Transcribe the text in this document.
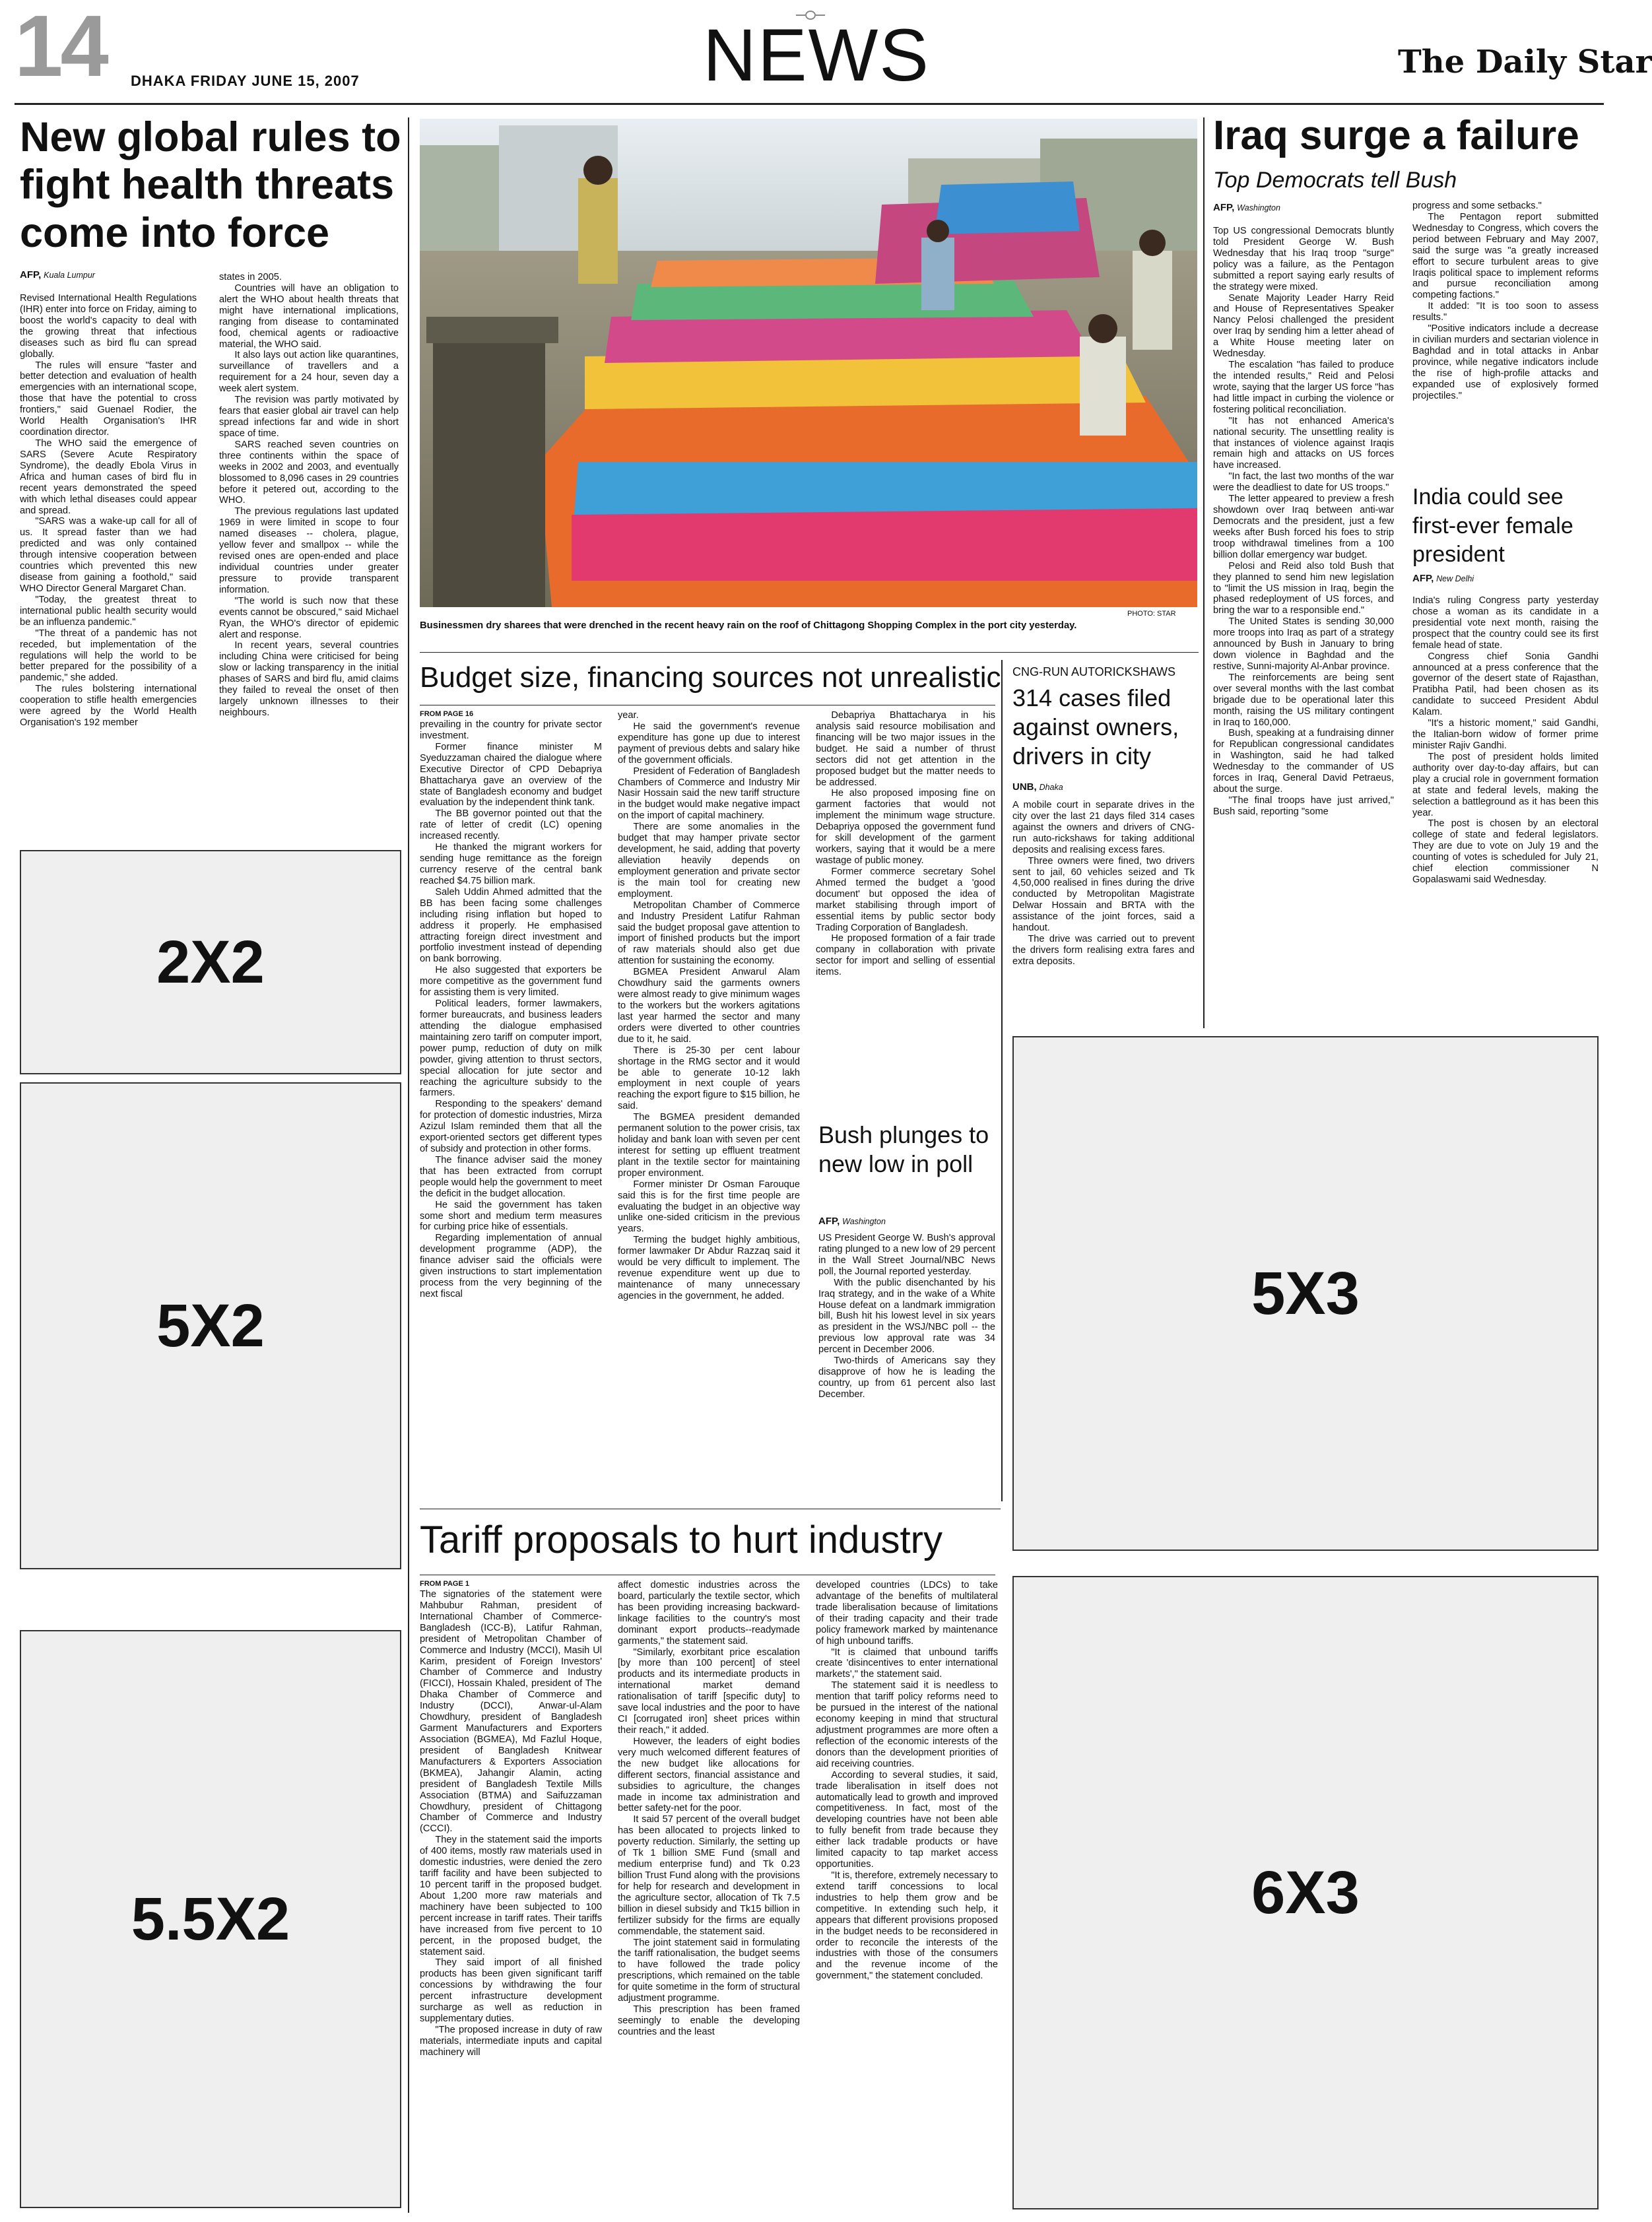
14 DHAKA FRIDAY JUNE 15, 2007	NEWS	The Daily Star
New global rules to fight health threats come into force
AFP, Kuala Lumpur

Revised International Health Regulations (IHR) enter into force on Friday, aiming to boost the world's capacity to deal with the growing threat that infectious diseases such as bird flu can spread globally.

The rules will ensure "faster and better detection and evaluation of health emergencies with an international scope, those that have the potential to cross frontiers," said Guenael Rodier, the World Health Organisation's IHR coordination director.

The WHO said the emergence of SARS (Severe Acute Respiratory Syndrome), the deadly Ebola Virus in Africa and human cases of bird flu in recent years demonstrated the speed with which lethal diseases could appear and spread.

"SARS was a wake-up call for all of us. It spread faster than we had predicted and was only contained through intensive cooperation between countries which prevented this new disease from gaining a foothold," said WHO Director General Margaret Chan.

"Today, the greatest threat to international public health security would be an influenza pandemic."

"The threat of a pandemic has not receded, but implementation of the regulations will help the world to be better prepared for the possibility of a pandemic," she added.

The rules bolstering international cooperation to stifle health emergencies were agreed by the World Health Organisation's 192 member

states in 2005.

Countries will have an obligation to alert the WHO about health threats that might have international implications, ranging from disease to contaminated food, chemical agents or radioactive material, the WHO said.

It also lays out action like quarantines, surveillance of travellers and a requirement for a 24 hour, seven day a week alert system.

The revision was partly motivated by fears that easier global air travel can help spread infections far and wide in short space of time.

SARS reached seven countries on three continents within the space of weeks in 2002 and 2003, and eventually blossomed to 8,096 cases in 29 countries before it petered out, according to the WHO.

The previous regulations last updated 1969 in were limited in scope to four named diseases -- cholera, plague, yellow fever and smallpox -- while the revised ones are open-ended and place individual countries under greater pressure to provide transparent information.

"The world is such now that these events cannot be obscured," said Michael Ryan, the WHO's director of epidemic alert and response.

In recent years, several countries including China were criticised for being slow or lacking transparency in the initial phases of SARS and bird flu, amid claims they failed to reveal the onset of then largely unknown illnesses to their neighbours.

2X2
5X2
5.5X2
PHOTO: STAR
Businessmen dry sharees that were drenched in the recent heavy rain on the roof of Chittagong Shopping Complex in the port city yesterday.
Budget size, financing sources not unrealistic
FROM PAGE 16

prevailing in the country for private sector investment.

Former finance minister M Syeduzzaman chaired the dialogue where Executive Director of CPD Debapriya Bhattacharya gave an overview of the state of Bangladesh economy and budget evaluation by the independent think tank.

The BB governor pointed out that the rate of letter of credit (LC) opening increased recently.

He thanked the migrant workers for sending huge remittance as the foreign currency reserve of the central bank reached $4.75 billion mark.

Saleh Uddin Ahmed admitted that the BB has been facing some challenges including rising inflation but hoped to address it properly. He emphasised attracting foreign direct investment and portfolio investment instead of depending on bank borrowing.

He also suggested that exporters be more competitive as the government fund for assisting them is very limited.

Political leaders, former lawmakers, former bureaucrats, and business leaders attending the dialogue emphasised maintaining zero tariff on computer import, power pump, reduction of duty on milk powder, giving attention to thrust sectors, special allocation for jute sector and reaching the agriculture subsidy to the farmers.

Responding to the speakers' demand for protection of domestic industries, Mirza Azizul Islam reminded them that all the export-oriented sectors get different types of subsidy and protection in other forms.

The finance adviser said the money that has been extracted from corrupt people would help the government to meet the deficit in the budget allocation.

He said the government has taken some short and medium term measures for curbing price hike of essentials.

Regarding implementation of annual development programme (ADP), the finance adviser said the officials were given instructions to start implementation process from the very beginning of the next fiscal

year.

He said the government's revenue expenditure has gone up due to interest payment of previous debts and salary hike of the government officials.

President of Federation of Bangladesh Chambers of Commerce and Industry Mir Nasir Hossain said the new tariff structure in the budget would make negative impact on the import of capital machinery.

There are some anomalies in the budget that may hamper private sector development, he said, adding that poverty alleviation heavily depends on employment generation and private sector is the main tool for creating new employment.

Metropolitan Chamber of Commerce and Industry President Latifur Rahman said the budget proposal gave attention to import of finished products but the import of raw materials should also get due attention for sustaining the economy.

BGMEA President Anwarul Alam Chowdhury said the garments owners were almost ready to give minimum wages to the workers but the workers agitations last year harmed the sector and many orders were diverted to other countries due to it, he said.

There is 25-30 per cent labour shortage in the RMG sector and it would be able to generate 10-12 lakh employment in next couple of years reaching the export figure to $15 billion, he said.

The BGMEA president demanded permanent solution to the power crisis, tax holiday and bank loan with seven per cent interest for setting up effluent treatment plant in the textile sector for maintaining proper environment.

Former minister Dr Osman Farouque said this is for the first time people are evaluating the budget in an objective way unlike one-sided criticism in the previous years.

Terming the budget highly ambitious, former lawmaker Dr Abdur Razzaq said it would be very difficult to implement. The revenue expenditure went up due to maintenance of many unnecessary agencies in the government, he added.

Debapriya Bhattacharya in his analysis said resource mobilisation and financing will be two major issues in the budget. He said a number of thrust sectors did not get attention in the proposed budget but the matter needs to be addressed.

He also proposed imposing fine on garment factories that would not implement the minimum wage structure. Debapriya opposed the government fund for skill development of the garment workers, saying that it would be a mere wastage of public money.

Former commerce secretary Sohel Ahmed termed the budget a 'good document' but opposed the idea of market stabilising through import of essential items by public sector body Trading Corporation of Bangladesh.

He proposed formation of a fair trade company in collaboration with private sector for import and selling of essential items.

CNG-RUN AUTORICKSHAWS
314 cases filed against owners, drivers in city
UNB, Dhaka

A mobile court in separate drives in the city over the last 21 days filed 314 cases against the owners and drivers of CNG-run auto-rickshaws for taking additional deposits and realising excess fares.

Three owners were fined, two drivers sent to jail, 60 vehicles seized and Tk 4,50,000 realised in fines during the drive conducted by Metropolitan Magistrate Delwar Hossain and BRTA with the assistance of the joint forces, said a handout.

The drive was carried out to prevent the drivers form realising extra fares and extra deposits.

Bush plunges to new low in poll
AFP, Washington

US President George W. Bush's approval rating plunged to a new low of 29 percent in the Wall Street Journal/NBC News poll, the Journal reported yesterday.

With the public disenchanted by his Iraq strategy, and in the wake of a White House defeat on a landmark immigration bill, Bush hit his lowest level in six years as president in the WSJ/NBC poll -- the previous low approval rate was 34 percent in December 2006.

Two-thirds of Americans say they disapprove of how he is leading the country, up from 61 percent also last December.

Iraq surge a failure
Top Democrats tell Bush
AFP, Washington

Top US congressional Democrats bluntly told President George W. Bush Wednesday that his Iraq troop "surge" policy was a failure, as the Pentagon submitted a report saying early results of the strategy were mixed.

Senate Majority Leader Harry Reid and House of Representatives Speaker Nancy Pelosi challenged the president over Iraq by sending him a letter ahead of a White House meeting later on Wednesday.

The escalation "has failed to produce the intended results," Reid and Pelosi wrote, saying that the larger US force "has had little impact in curbing the violence or fostering political reconciliation.

"It has not enhanced America's national security. The unsettling reality is that instances of violence against Iraqis remain high and attacks on US forces have increased.

"In fact, the last two months of the war were the deadliest to date for US troops."

The letter appeared to preview a fresh showdown over Iraq between anti-war Democrats and the president, just a few weeks after Bush forced his foes to strip troop withdrawal timelines from a 100 billion dollar emergency war budget.

Pelosi and Reid also told Bush that they planned to send him new legislation to "limit the US mission in Iraq, begin the phased redeployment of US forces, and bring the war to a responsible end."

The United States is sending 30,000 more troops into Iraq as part of a strategy announced by Bush in January to bring down violence in Baghdad and the restive, Sunni-majority Al-Anbar province.

The reinforcements are being sent over several months with the last combat brigade due to be operational later this month, raising the US military contingent in Iraq to 160,000.

Bush, speaking at a fundraising dinner for Republican congressional candidates in Washington, said he had talked Wednesday to the commander of US forces in Iraq, General David Petraeus, about the surge.

"The final troops have just arrived," Bush said, reporting "some

progress and some setbacks."

The Pentagon report submitted Wednesday to Congress, which covers the period between February and May 2007, said the surge was "a greatly increased effort to secure turbulent areas to give Iraqis political space to implement reforms and pursue reconciliation among competing factions."

It added: "It is too soon to assess results."

"Positive indicators include a decrease in civilian murders and sectarian violence in Baghdad and in total attacks in Anbar province, while negative indicators include the rise of high-profile attacks and expanded use of explosively formed projectiles."

India could see first-ever female president
AFP, New Delhi

India's ruling Congress party yesterday chose a woman as its candidate in a presidential vote next month, raising the prospect that the country could see its first female head of state.

Congress chief Sonia Gandhi announced at a press conference that the governor of the desert state of Rajasthan, Pratibha Patil, had been chosen as its candidate to succeed President Abdul Kalam.

"It's a historic moment," said Gandhi, the Italian-born widow of former prime minister Rajiv Gandhi.

The post of president holds limited authority over day-to-day affairs, but can play a crucial role in government formation at state and federal levels, making the selection a battleground as it has been this year.

The post is chosen by an electoral college of state and federal legislators. They are due to vote on July 19 and the counting of votes is scheduled for July 21, chief election commissioner N Gopalaswami said Wednesday.

5X3
6X3
Tariff proposals to hurt industry
FROM PAGE 1

The signatories of the statement were Mahbubur Rahman, president of International Chamber of Commerce-Bangladesh (ICC-B), Latifur Rahman, president of Metropolitan Chamber of Commerce and Industry (MCCI), Masih Ul Karim, president of Foreign Investors' Chamber of Commerce and Industry (FICCI), Hossain Khaled, president of The Dhaka Chamber of Commerce and Industry (DCCI), Anwar-ul-Alam Chowdhury, president of Bangladesh Garment Manufacturers and Exporters Association (BGMEA), Md Fazlul Hoque, president of Bangladesh Knitwear Manufacturers & Exporters Association (BKMEA), Jahangir Alamin, acting president of Bangladesh Textile Mills Association (BTMA) and Saifuzzaman Chowdhury, president of Chittagong Chamber of Commerce and Industry (CCCI).

They in the statement said the imports of 400 items, mostly raw materials used in domestic industries, were denied the zero tariff facility and have been subjected to 10 percent tariff in the proposed budget. About 1,200 more raw materials and machinery have been subjected to 100 percent increase in tariff rates. Their tariffs have increased from five percent to 10 percent, in the proposed budget, the statement said.

They said import of all finished products has been given significant tariff concessions by withdrawing the four percent infrastructure development surcharge as well as reduction in supplementary duties.

"The proposed increase in duty of raw materials, intermediate inputs and capital machinery will

affect domestic industries across the board, particularly the textile sector, which has been providing increasing backward-linkage facilities to the country's most dominant export products--readymade garments," the statement said.

"Similarly, exorbitant price escalation [by more than 100 percent] of steel products and its intermediate products in international market demand rationalisation of tariff [specific duty] to save local industries and the poor to have CI [corrugated iron] sheet prices within their reach," it added.

However, the leaders of eight bodies very much welcomed different features of the new budget like allocations for different sectors, financial assistance and subsidies to agriculture, the changes made in income tax administration and better safety-net for the poor.

It said 57 percent of the overall budget has been allocated to projects linked to poverty reduction. Similarly, the setting up of Tk 1 billion SME Fund (small and medium enterprise fund) and Tk 0.23 billion Trust Fund along with the provisions for help for research and development in the agriculture sector, allocation of Tk 7.5 billion in diesel subsidy and Tk15 billion in fertilizer subsidy for the firms are equally commendable, the statement said.

The joint statement said in formulating the tariff rationalisation, the budget seems to have followed the trade policy prescriptions, which remained on the table for quite sometime in the form of structural adjustment programme.

This prescription has been framed seemingly to enable the developing countries and the least

developed countries (LDCs) to take advantage of the benefits of multilateral trade liberalisation because of limitations of their trading capacity and their trade policy framework marked by maintenance of high unbound tariffs.

"It is claimed that unbound tariffs create 'disincentives to enter international markets'," the statement said.

The statement said it is needless to mention that tariff policy reforms need to be pursued in the interest of the national economy keeping in mind that structural adjustment programmes are more often a reflection of the economic interests of the donors than the development priorities of aid receiving countries.

According to several studies, it said, trade liberalisation in itself does not automatically lead to growth and improved competitiveness. In fact, most of the developing countries have not been able to fully benefit from trade because they either lack tradable products or have limited capacity to tap market access opportunities.

"It is, therefore, extremely necessary to extend tariff concessions to local industries to help them grow and be competitive. In extending such help, it appears that different provisions proposed in the budget needs to be reconsidered in order to reconcile the interests of the industries with those of the consumers and the revenue income of the government," the statement concluded.
